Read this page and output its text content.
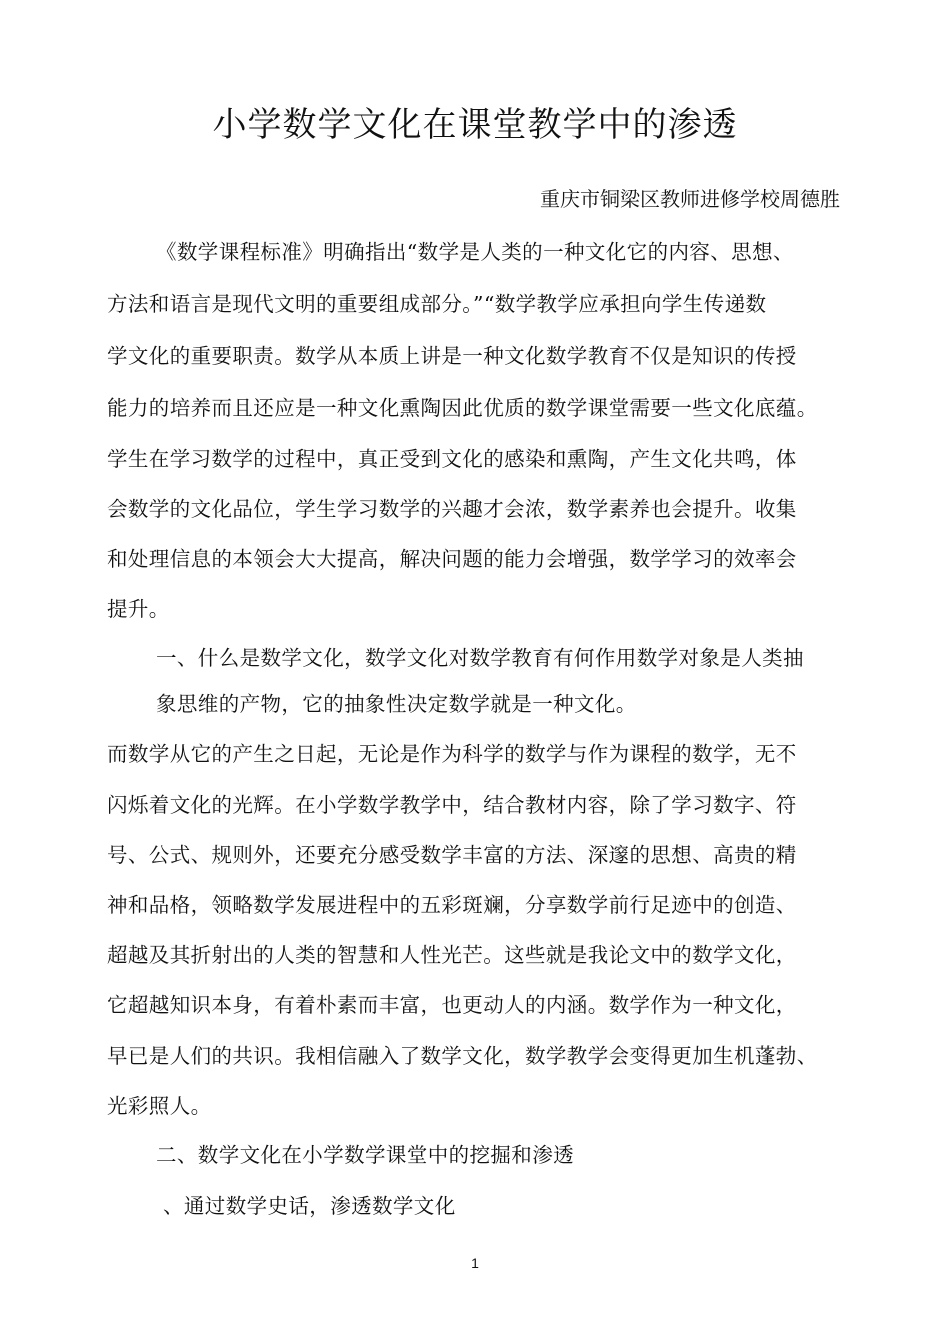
小学数学文化在课堂教学中的渗透
重庆市铜梁区教师进修学校周德胜
《数学课程标准》明确指出“数学是人类的一种文化它的内容、思想、
方法和语言是现代文明的重要组成部分。”“数学教学应承担向学生传递数
学文化的重要职责。数学从本质上讲是一种文化数学教育不仅是知识的传授
能力的培养而且还应是一种文化熏陶因此优质的数学课堂需要一些文化底蕴。
学生在学习数学的过程中，真正受到文化的感染和熏陶，产生文化共鸣，体
会数学的文化品位，学生学习数学的兴趣才会浓，数学素养也会提升。收集
和处理信息的本领会大大提高，解决问题的能力会增强，数学学习的效率会
提升。
一、什么是数学文化，数学文化对数学教育有何作用数学对象是人类抽
象思维的产物，它的抽象性决定数学就是一种文化。
而数学从它的产生之日起，无论是作为科学的数学与作为课程的数学，无不
闪烁着文化的光辉。在小学数学教学中，结合教材内容，除了学习数字、符
号、公式、规则外，还要充分感受数学丰富的方法、深邃的思想、高贵的精
神和品格，领略数学发展进程中的五彩斑斓，分享数学前行足迹中的创造、
超越及其折射出的人类的智慧和人性光芒。这些就是我论文中的数学文化，
它超越知识本身，有着朴素而丰富，也更动人的内涵。数学作为一种文化，
早已是人们的共识。我相信融入了数学文化，数学教学会变得更加生机蓬勃、
光彩照人。
二、数学文化在小学数学课堂中的挖掘和渗透
、通过数学史话，渗透数学文化
1
